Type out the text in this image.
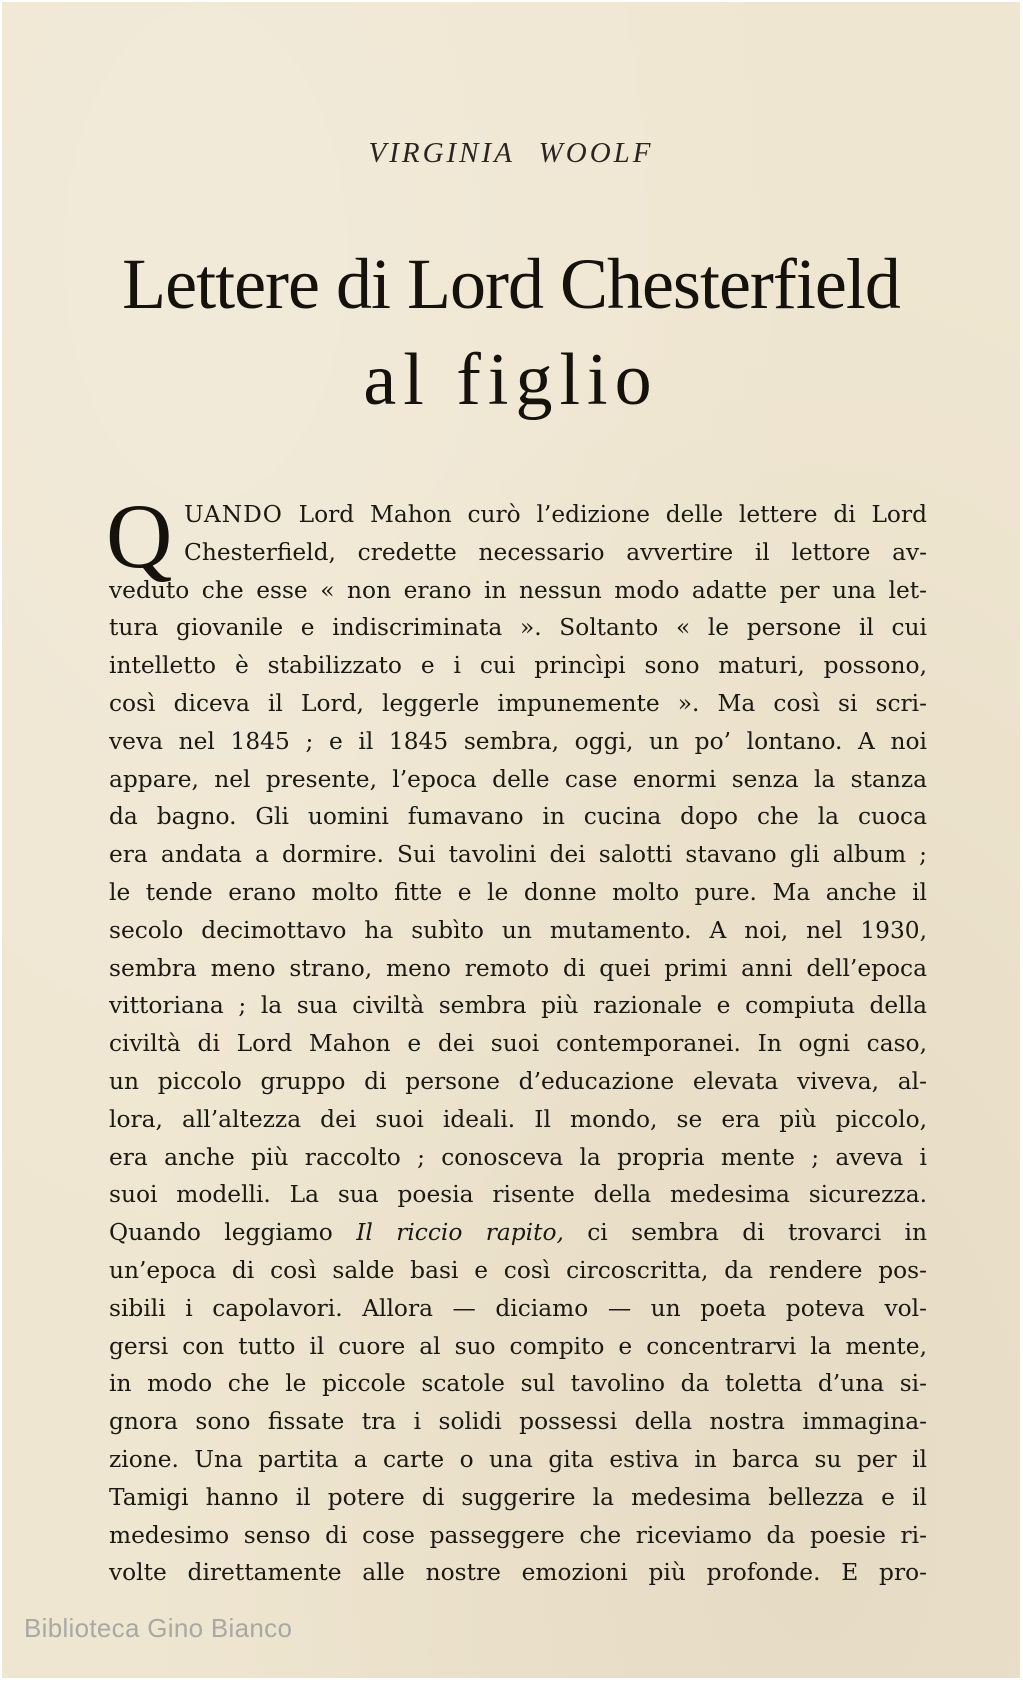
VIRGINIA WOOLF
Lettere di Lord Chesterfield
al figlio
Q UANDO Lord Mahon curò l’edizione delle lettere di Lord
Chesterfield, credette necessario avvertire il lettore av-
veduto che esse « non erano in nessun modo adatte per una let-
tura giovanile e indiscriminata ». Soltanto « le persone il cui
intelletto è stabilizzato e i cui princìpi sono maturi, possono,
così diceva il Lord, leggerle impunemente ». Ma così si scri-
veva nel 1845 ; e il 1845 sembra, oggi, un po’ lontano. A noi
appare, nel presente, l’epoca delle case enormi senza la stanza
da bagno. Gli uomini fumavano in cucina dopo che la cuoca
era andata a dormire. Sui tavolini dei salotti stavano gli album ;
le tende erano molto fitte e le donne molto pure. Ma anche il
secolo decimottavo ha subìto un mutamento. A noi, nel 1930,
sembra meno strano, meno remoto di quei primi anni dell’epoca
vittoriana ; la sua civiltà sembra più razionale e compiuta della
civiltà di Lord Mahon e dei suoi contemporanei. In ogni caso,
un piccolo gruppo di persone d’educazione elevata viveva, al-
lora, all’altezza dei suoi ideali. Il mondo, se era più piccolo,
era anche più raccolto ; conosceva la propria mente ; aveva i
suoi modelli. La sua poesia risente della medesima sicurezza.
Quando leggiamo Il riccio rapito, ci sembra di trovarci in
un’epoca di così salde basi e così circoscritta, da rendere pos-
sibili i capolavori. Allora — diciamo — un poeta poteva vol-
gersi con tutto il cuore al suo compito e concentrarvi la mente,
in modo che le piccole scatole sul tavolino da toletta d’una si-
gnora sono fissate tra i solidi possessi della nostra immagina-
zione. Una partita a carte o una gita estiva in barca su per il
Tamigi hanno il potere di suggerire la medesima bellezza e il
medesimo senso di cose passeggere che riceviamo da poesie ri-
volte direttamente alle nostre emozioni più profonde. E pro-
Biblioteca Gino Bianco
